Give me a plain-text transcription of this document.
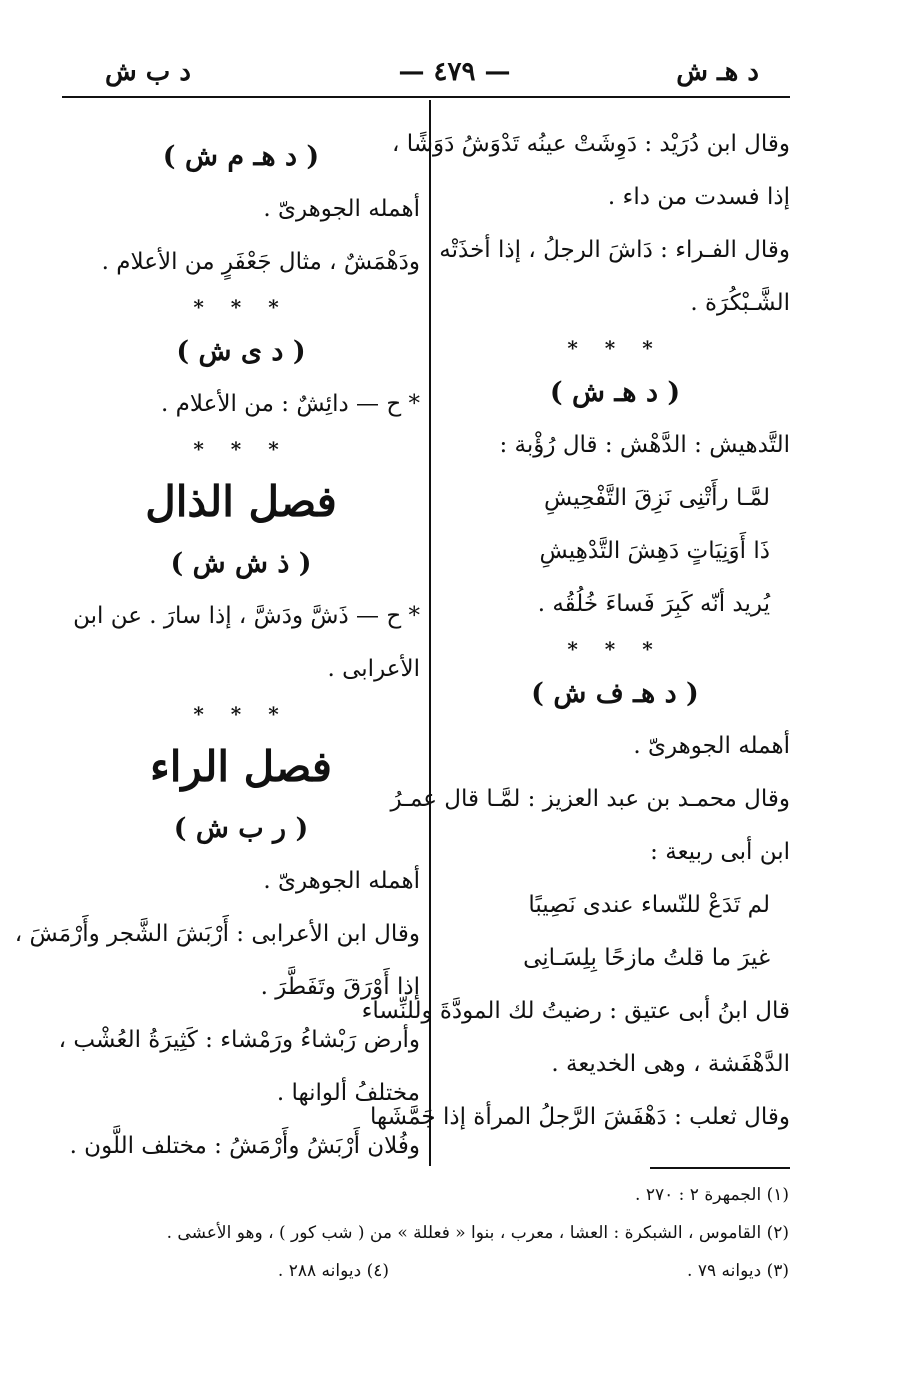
د هـ ش
— ٤٧٩ —
د ب ش
وقال ابن دُرَيْد : دَوِشَتْ عينُه تَدْوَشُ دَوَشًا ،
إذا فسدت من داء .
وقال الفـراء : دَاشَ الرجلُ ، إذا أخذَتْه
الشَّـبْكُرَة .
* * *
( د هـ ش )
التَّدهيش : الدَّهْش : قال رُؤْبة :
لمَّـا رأَتْنِى نَزِقَ التَّفْحِيشِ
ذَا أَوَنِيَاتٍ دَهِشَ التَّدْهِيشِ
يُريد أنّه كَبِرَ فَساءَ خُلُقُه .
* * *
( د هـ ف ش )
أهمله الجوهرىّ .
وقال محمـد بن عبد العزيز : لمَّـا قال عمـرُ
ابن أبى ربيعة :
لم تَدَعْ للنّساء عندى نَصِيبًا
غيرَ ما قلتُ مازحًا بِلِسَـانِى
قال ابنُ أبى عتيق : رضيتُ لك المودَّةَ وللنِّساء
الدَّهْفَشة ، وهى الخديعة .
وقال ثعلب : دَهْفَشَ الرَّجلُ المرأة إذا جَمَّشَها
( د هـ م ش )
أهمله الجوهرىّ .
ودَهْمَشٌ ، مثال جَعْفَرٍ من الأعلام .
* * *
( د ى ش )
* ح — دائِشٌ : من الأعلام .
* * *
فصل الذال
( ذ ش ش )
* ح — ذَشَّ ودَشَّ ، إذا سارَ . عن ابن
الأعرابى .
* * *
فصل الراء
( ر ب ش )
أهمله الجوهرىّ .
وقال ابن الأعرابى : أَرْبَشَ الشَّجر وأَرْمَشَ ،
إذا أَوْرَقَ وتَفَطَّرَ .
وأرض رَبْشاءُ ورَمْشاء : كَثِيرَةُ العُشْب ،
مختلفُ ألوانها .
وفُلان أَرْبَشُ وأَرْمَشُ : مختلف اللَّون .
(١) الجمهرة ٢ : ٢٧٠ .
(٢) القاموس ، الشبكرة : العشا ، معرب ، بنوا « فعللة » من ( شب كور ) ، وهو الأعشى .
(٣) ديوانه ٧٩ .
(٤) ديوانه ٢٨٨ .
